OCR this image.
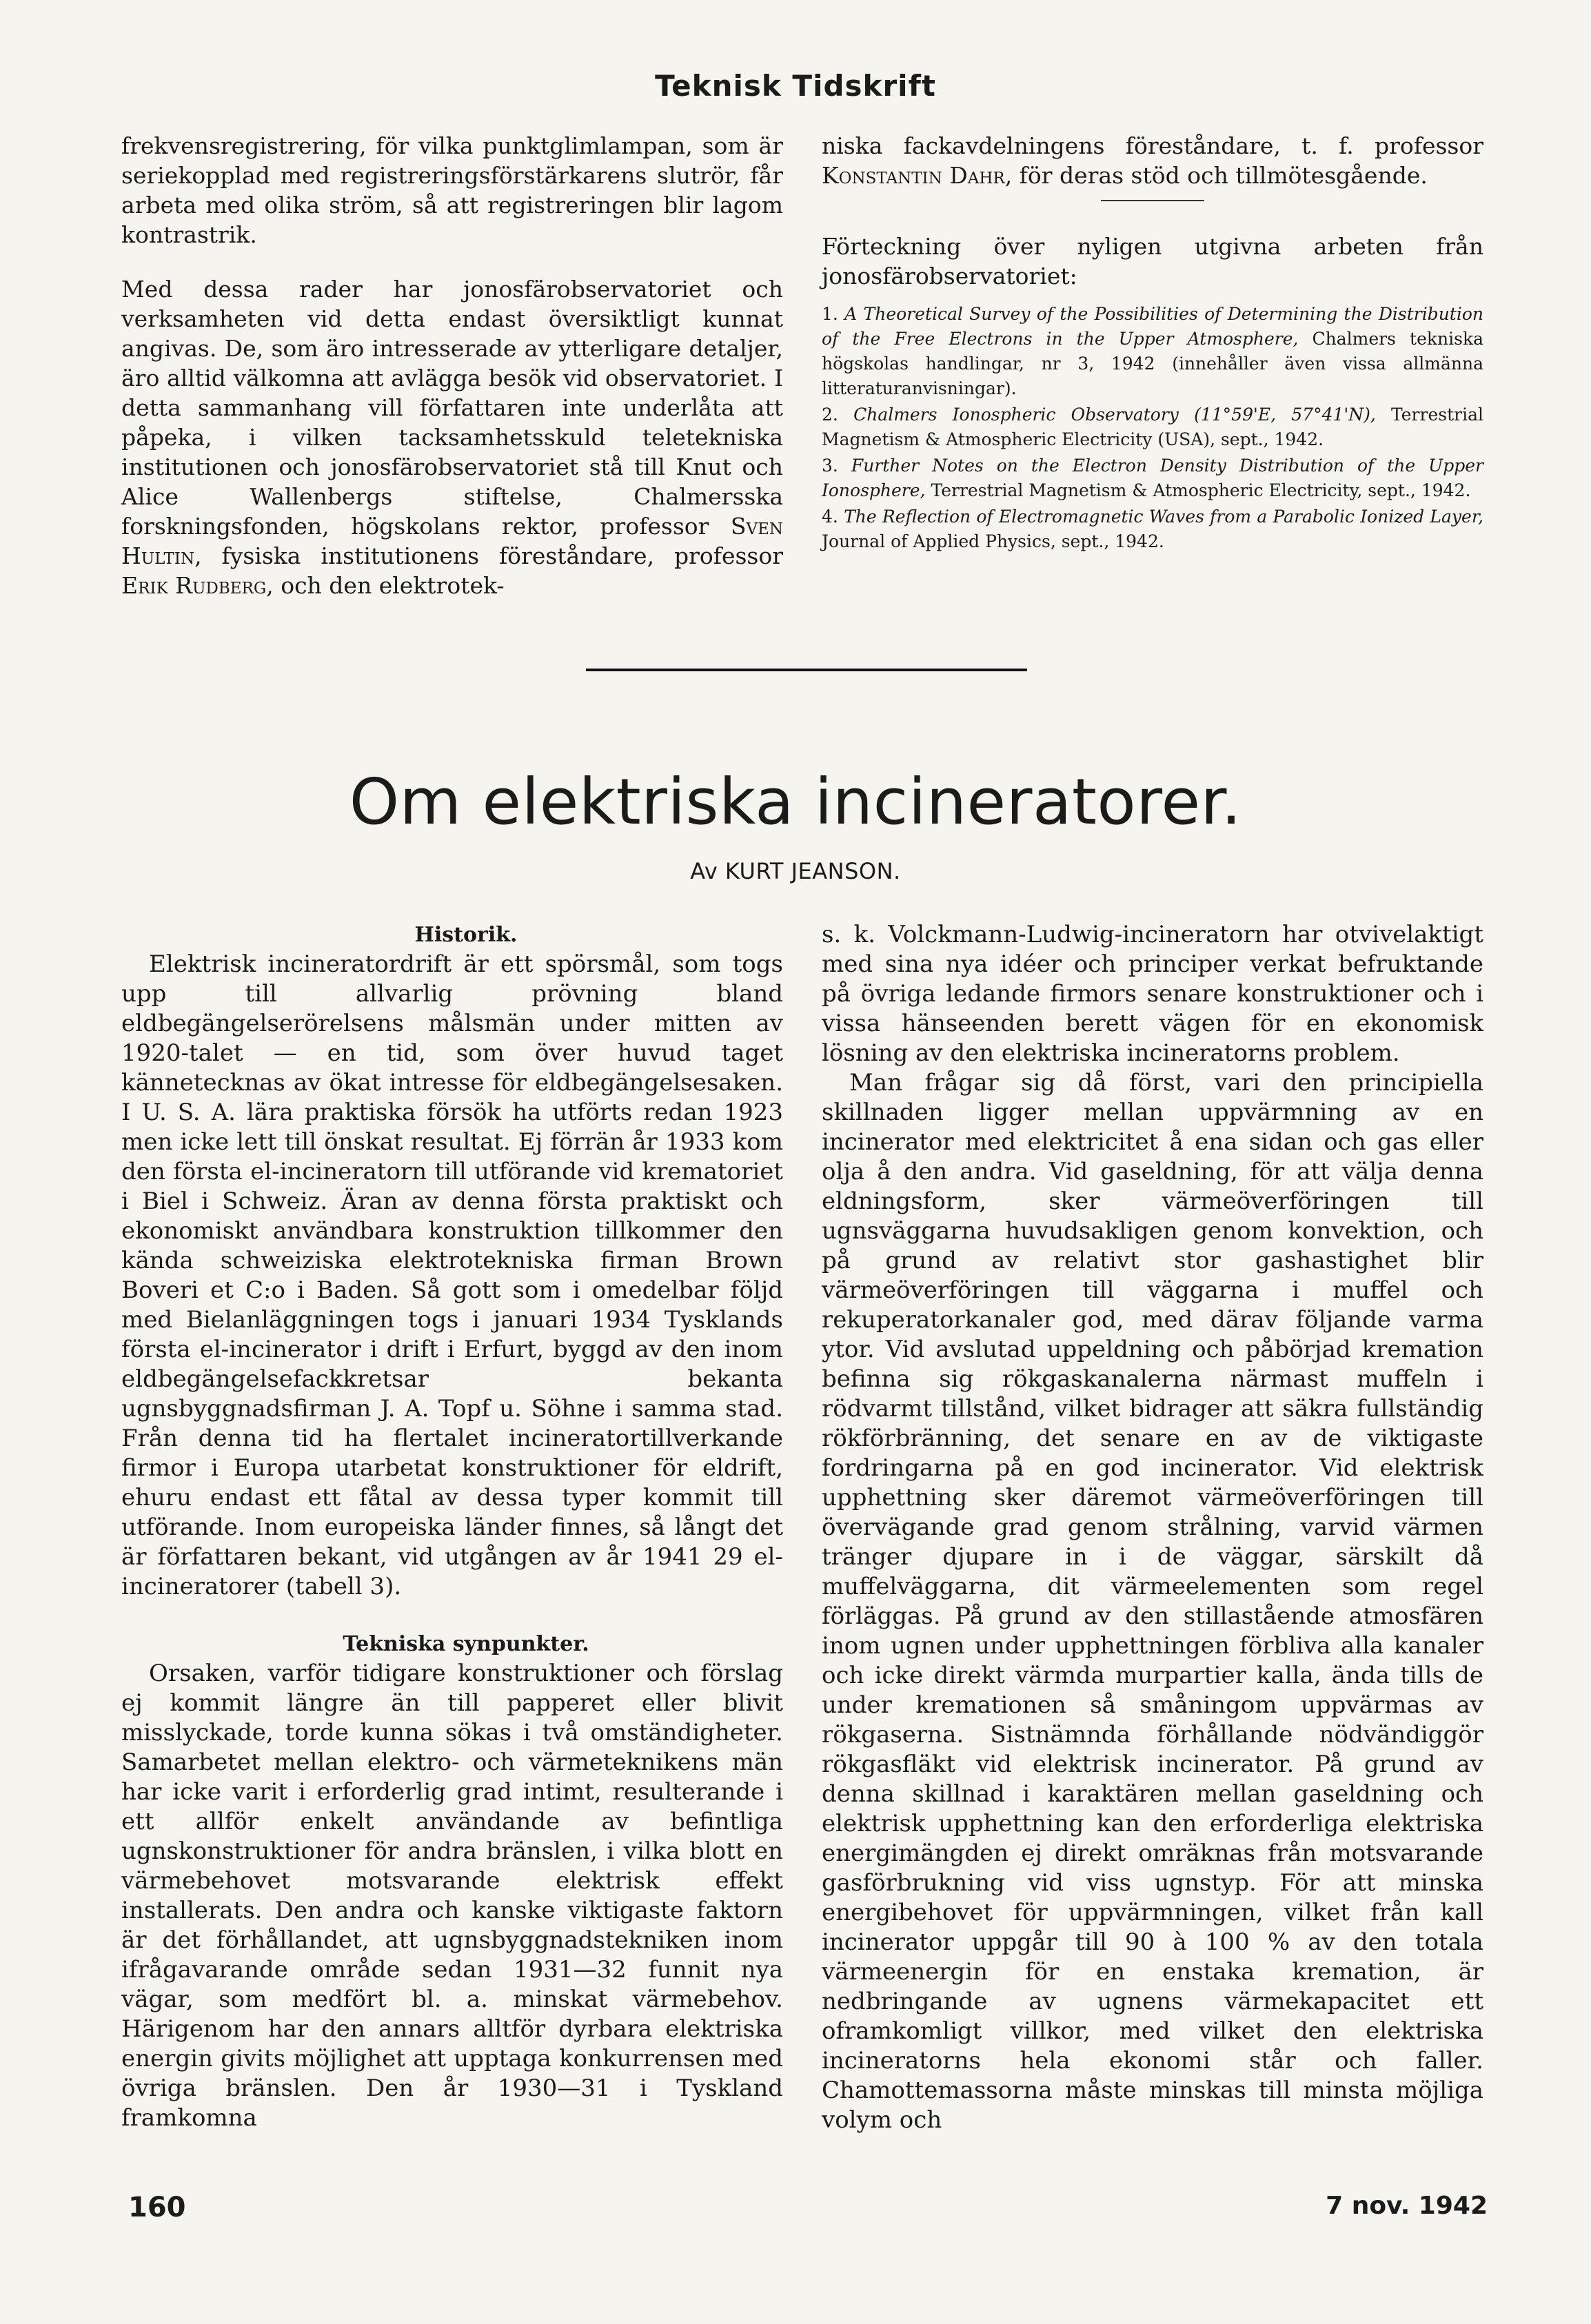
Teknisk Tidskrift

frekvensregistrering, för vilka punktglimlampan, som är seriekopplad med registreringsförstärkarens slutrör, får arbeta med olika ström, så att registreringen blir lagom kontrastrik.

Med dessa rader har jonosfärobservatoriet och verksamheten vid detta endast översiktligt kunnat angivas. De, som äro intresserade av ytterligare detaljer, äro alltid välkomna att avlägga besök vid observatoriet. I detta sammanhang vill författaren inte underlåta att påpeka, i vilken tacksamhetsskuld teletekniska institutionen och jonosfärobservatoriet stå till Knut och Alice Wallenbergs stiftelse, Chalmersska forskningsfonden, högskolans rektor, professor Sven Hultin, fysiska institutionens föreståndare, professor Erik Rudberg, och den elektrotek-

niska fackavdelningens föreståndare, t. f. professor Konstantin Dahr, för deras stöd och tillmötesgående.

Förteckning över nyligen utgivna arbeten från jonosfärobservatoriet:

1. A Theoretical Survey of the Possibilities of Determining the Distribution of the Free Electrons in the Upper Atmosphere, Chalmers tekniska högskolas handlingar, nr 3, 1942 (innehåller även vissa allmänna litteraturanvisningar).

2. Chalmers Ionospheric Observatory (11°59'E, 57°41'N), Terrestrial Magnetism & Atmospheric Electricity (USA), sept., 1942.

3. Further Notes on the Electron Density Distribution of the Upper Ionosphere, Terrestrial Magnetism & Atmospheric Electricity, sept., 1942.

4. The Reflection of Electromagnetic Waves from a Parabolic Ionized Layer, Journal of Applied Physics, sept., 1942.

Om elektriska incineratorer.
Av KURT JEANSON.

Historik.

Elektrisk incineratordrift är ett spörsmål, som togs upp till allvarlig prövning bland eldbegängelserörelsens målsmän under mitten av 1920-talet — en tid, som över huvud taget kännetecknas av ökat intresse för eldbegängelsesaken. I U. S. A. lära praktiska försök ha utförts redan 1923 men icke lett till önskat resultat. Ej förrän år 1933 kom den första el-incineratorn till utförande vid krematoriet i Biel i Schweiz. Äran av denna första praktiskt och ekonomiskt användbara konstruktion tillkommer den kända schweiziska elektrotekniska firman Brown Boveri et C:o i Baden. Så gott som i omedelbar följd med Bielanläggningen togs i januari 1934 Tysklands första el-incinerator i drift i Erfurt, byggd av den inom eldbegängelsefackkretsar bekanta ugnsbyggnadsfirman J. A. Topf u. Söhne i samma stad. Från denna tid ha flertalet incineratortillverkande firmor i Europa utarbetat konstruktioner för eldrift, ehuru endast ett fåtal av dessa typer kommit till utförande. Inom europeiska länder finnes, så långt det är författaren bekant, vid utgången av år 1941 29 el-incineratorer (tabell 3).

Tekniska synpunkter.

Orsaken, varför tidigare konstruktioner och förslag ej kommit längre än till papperet eller blivit misslyckade, torde kunna sökas i två omständigheter. Samarbetet mellan elektro- och värmeteknikens män har icke varit i erforderlig grad intimt, resulterande i ett allför enkelt användande av befintliga ugnskonstruktioner för andra bränslen, i vilka blott en värmebehovet motsvarande elektrisk effekt installerats. Den andra och kanske viktigaste faktorn är det förhållandet, att ugnsbyggnadstekniken inom ifrågavarande område sedan 1931—32 funnit nya vägar, som medfört bl. a. minskat värmebehov. Härigenom har den annars alltför dyrbara elektriska energin givits möjlighet att upptaga konkurrensen med övriga bränslen. Den år 1930—31 i Tyskland framkomna

s. k. Volckmann-Ludwig-incineratorn har otvivelaktigt med sina nya idéer och principer verkat befruktande på övriga ledande firmors senare konstruktioner och i vissa hänseenden berett vägen för en ekonomisk lösning av den elektriska incineratorns problem.

Man frågar sig då först, vari den principiella skillnaden ligger mellan uppvärmning av en incinerator med elektricitet å ena sidan och gas eller olja å den andra. Vid gaseldning, för att välja denna eldningsform, sker värmeöverföringen till ugnsväggarna huvudsakligen genom konvektion, och på grund av relativt stor gashastighet blir värmeöverföringen till väggarna i muffel och rekuperatorkanaler god, med därav följande varma ytor. Vid avslutad uppeldning och påbörjad kremation befinna sig rökgaskanalerna närmast muffeln i rödvarmt tillstånd, vilket bidrager att säkra fullständig rökförbränning, det senare en av de viktigaste fordringarna på en god incinerator. Vid elektrisk upphettning sker däremot värmeöverföringen till övervägande grad genom strålning, varvid värmen tränger djupare in i de väggar, särskilt då muffelväggarna, dit värmeelementen som regel förläggas. På grund av den stillastående atmosfären inom ugnen under upphettningen förbliva alla kanaler och icke direkt värmda murpartier kalla, ända tills de under kremationen så småningom uppvärmas av rökgaserna. Sistnämnda förhållande nödvändiggör rökgasfläkt vid elektrisk incinerator. På grund av denna skillnad i karaktären mellan gaseldning och elektrisk upphettning kan den erforderliga elektriska energimängden ej direkt omräknas från motsvarande gasförbrukning vid viss ugnstyp. För att minska energibehovet för uppvärmningen, vilket från kall incinerator uppgår till 90 à 100 % av den totala värmeenergin för en enstaka kremation, är nedbringande av ugnens värmekapacitet ett oframkomligt villkor, med vilket den elektriska incineratorns hela ekonomi står och faller. Chamottemassorna måste minskas till minsta möjliga volym och

160	7 nov. 1942
